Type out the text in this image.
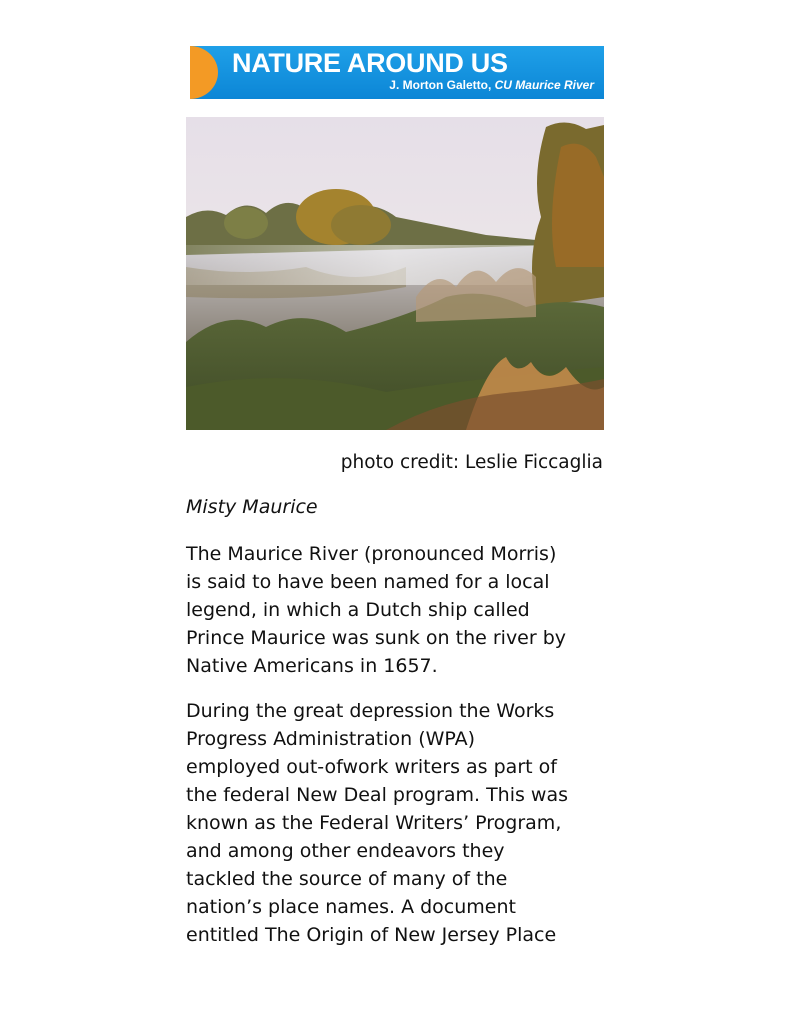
NATURE AROUND US
J. Morton Galetto, CU Maurice River
photo credit: Leslie Ficcaglia
Misty Maurice
The Maurice River (pronounced Morris)
is said to have been named for a local
legend, in which a Dutch ship called
Prince Maurice was sunk on the river by
Native Americans in 1657.
During the great depression the Works
Progress Administration (WPA)
employed out-ofwork writers as part of
the federal New Deal program. This was
known as the Federal Writers’ Program,
and among other endeavors they
tackled the source of many of the
nation’s place names. A document
entitled The Origin of New Jersey Place
